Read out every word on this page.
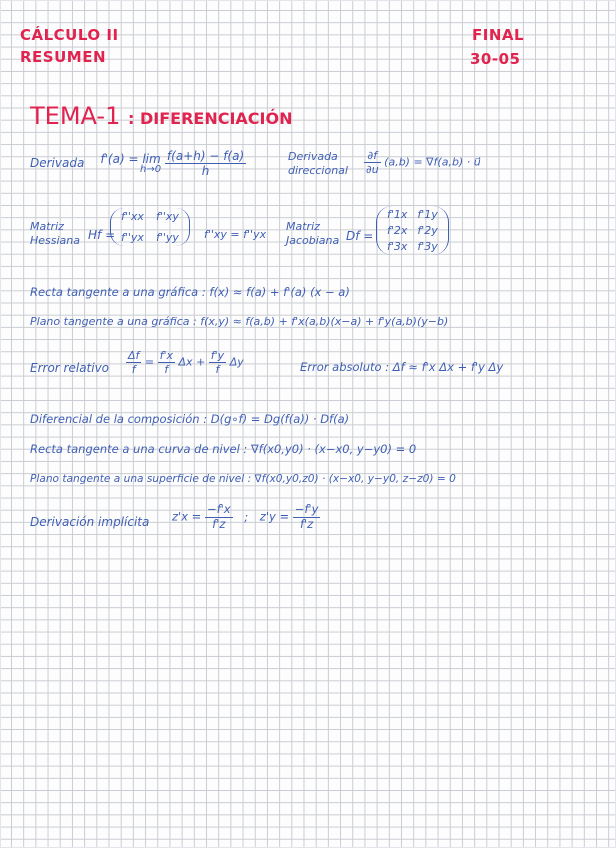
CÁLCULO II
RESUMEN
FINAL
30-05
TEMA-1 : DIFERENCIACIÓN
Derivada f'(a) = lim
h→0
$\frac{f(a+h) - f(a)}{h}$	Derivada
direccional $\frac{\partial f}{\partial u} (a,b) = \nabla f(a,b)$ · u⃗
Matriz
Hessiana Hf =
f''xx f''xy
f''yx f''yy f''xy = f''yx
Matriz
Jacobiana Df =
f'1x f'1y
f'2x f'2y
f'3x f'3y
Recta tangente a una gráfica : f(x) ≈ f(a) + f'(a) (x − a)
Plano tangente a una gráfica : f(x,y) ≈ f(a,b) + f'x(a,b)(x−a) + f'y(a,b)(y−b)
Error relativo $\frac{\Delta f}{f} = \frac{f'x}{f}$ $\Delta x + \frac{f'y}{f}$ Δy	Error absoluto : Δf ≈ f'x Δx + f'y Δy
Diferencial de la composición : D(g∘f) = Dg(f(a)) · Df(a)
Recta tangente a una curva de nivel : ∇f(x0,y0) · (x−x0, y−y0) = 0
Plano tangente a una superficie de nivel : ∇f(x0,y0,z0) · (x−x0, y−y0, z−z0) = 0
Derivación implícita $z'x = \frac{-f'x}{f'z}$ ; $z'y = \frac{-f'y}{f'z}$
